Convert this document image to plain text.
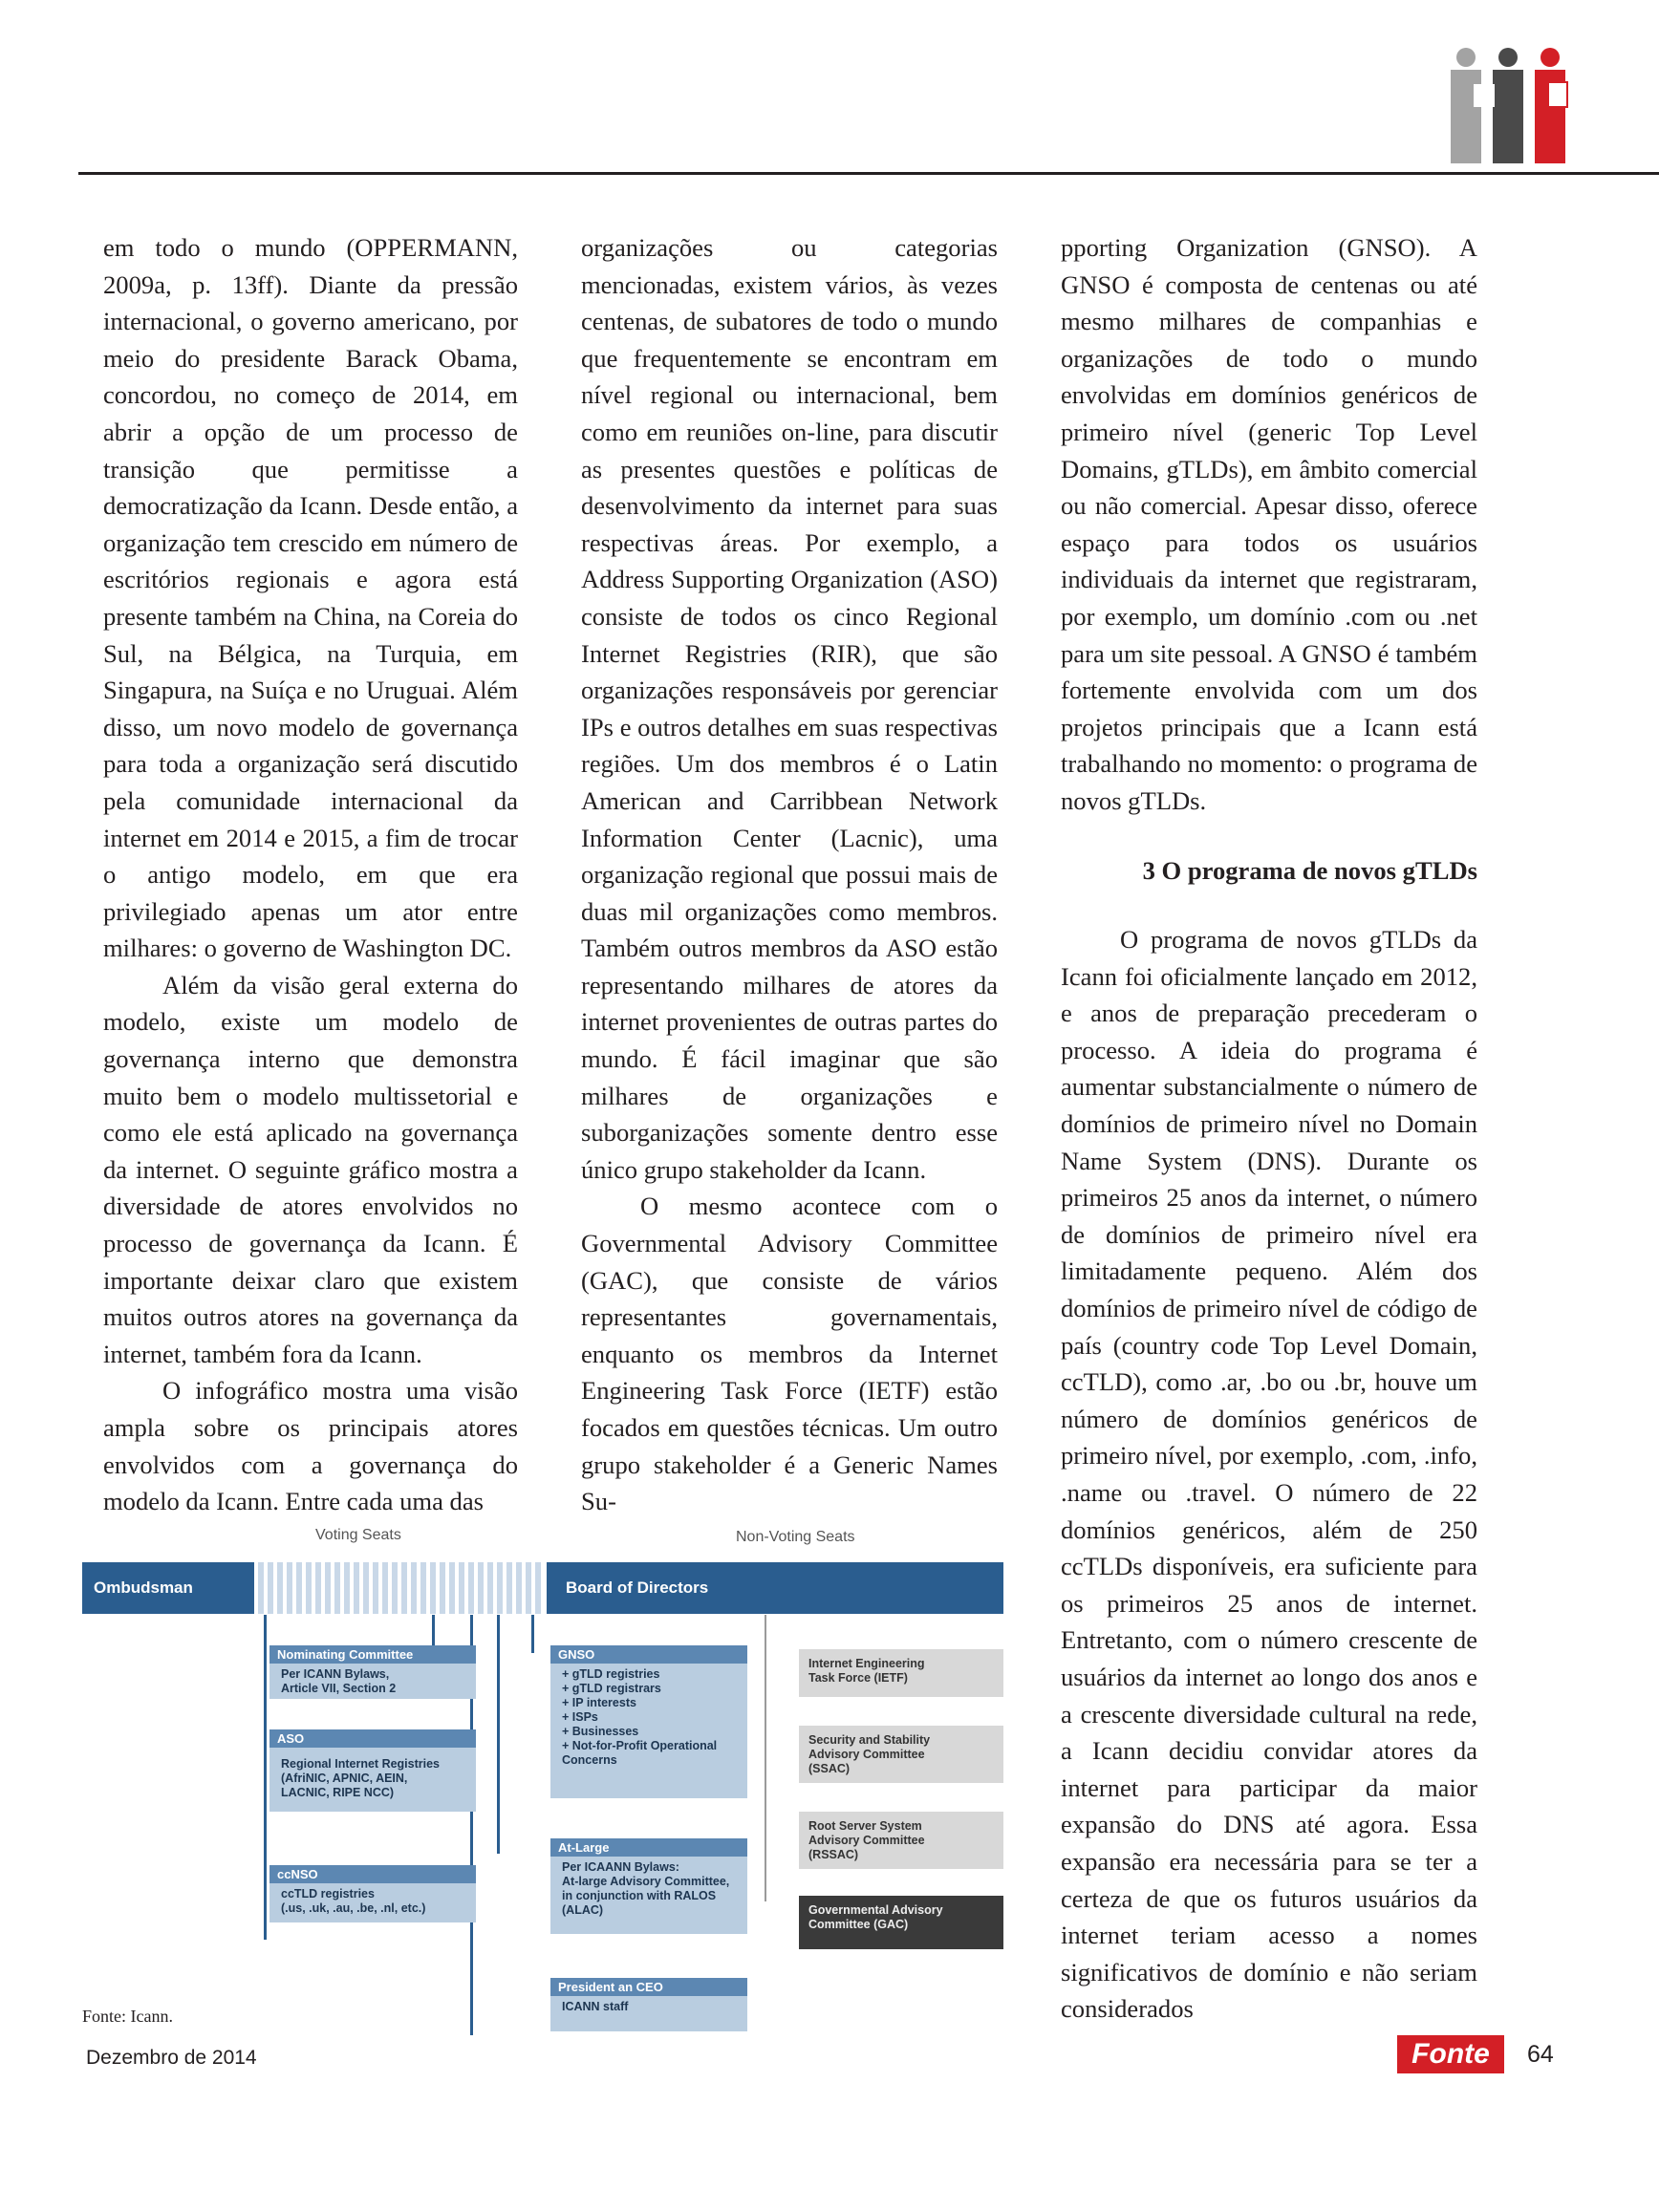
em todo o mundo (OPPERMANN, 2009a, p. 13ff). Diante da pressão internacional, o governo americano, por meio do presidente Barack Obama, concordou, no começo de 2014, em abrir a opção de um processo de transição que permitisse a democratização da Icann. Desde então, a organização tem crescido em número de escritórios regionais e agora está presente também na China, na Coreia do Sul, na Bélgica, na Turquia, em Singapura, na Suíça e no Uruguai. Além disso, um novo modelo de governança para toda a organização será discutido pela comunidade internacional da internet em 2014 e 2015, a fim de trocar o antigo modelo, em que era privilegiado apenas um ator entre milhares: o governo de Washington DC.

Além da visão geral externa do modelo, existe um modelo de governança interno que demonstra muito bem o modelo multissetorial e como ele está aplicado na governança da internet. O seguinte gráfico mostra a diversidade de atores envolvidos no processo de governança da Icann. É importante deixar claro que existem muitos outros atores na governança da internet, também fora da Icann.

O infográfico mostra uma visão ampla sobre os principais atores envolvidos com a governança do modelo da Icann. Entre cada uma das

organizações ou categorias mencionadas, existem vários, às vezes centenas, de subatores de todo o mundo que frequentemente se encontram em nível regional ou internacional, bem como em reuniões on-line, para discutir as presentes questões e políticas de desenvolvimento da internet para suas respectivas áreas. Por exemplo, a Address Supporting Organization (ASO) consiste de todos os cinco Regional Internet Registries (RIR), que são organizações responsáveis por gerenciar IPs e outros detalhes em suas respectivas regiões. Um dos membros é o Latin American and Carribbean Network Information Center (Lacnic), uma organização regional que possui mais de duas mil organizações como membros. Também outros membros da ASO estão representando milhares de atores da internet provenientes de outras partes do mundo. É fácil imaginar que são milhares de organizações e suborganizações somente dentro esse único grupo stakeholder da Icann.

O mesmo acontece com o Governmental Advisory Committee (GAC), que consiste de vários representantes governamentais, enquanto os membros da Internet Engineering Task Force (IETF) estão focados em questões técnicas. Um outro grupo stakeholder é a Generic Names Su-

pporting Organization (GNSO). A GNSO é composta de centenas ou até mesmo milhares de companhias e organizações de todo o mundo envolvidas em domínios genéricos de primeiro nível (generic Top Level Domains, gTLDs), em âmbito comercial ou não comercial. Apesar disso, oferece espaço para todos os usuários individuais da internet que registraram, por exemplo, um domínio .com ou .net para um site pessoal. A GNSO é também fortemente envolvida com um dos projetos principais que a Icann está trabalhando no momento: o programa de novos gTLDs.

3 O programa de novos gTLDs

O programa de novos gTLDs da Icann foi oficialmente lançado em 2012, e anos de preparação precederam o processo. A ideia do programa é aumentar substancialmente o número de domínios de primeiro nível no Domain Name System (DNS). Durante os primeiros 25 anos da internet, o número de domínios de primeiro nível era limitadamente pequeno. Além dos domínios de primeiro nível de código de país (country code Top Level Domain, ccTLD), como .ar, .bo ou .br, houve um número de domínios genéricos de primeiro nível, por exemplo, .com, .info, .name ou .travel. O número de 22 domínios genéricos, além de 250 ccTLDs disponíveis, era suficiente para os primeiros 25 anos de internet. Entretanto, com o número crescente de usuários da internet ao longo dos anos e a crescente diversidade cultural na rede, a Icann decidiu convidar atores da internet para participar da maior expansão do DNS até agora. Essa expansão era necessária para se ter a certeza de que os futuros usuários da internet teriam acesso a nomes significativos de domínio e não seriam considerados

Voting Seats	Non-Voting Seats
Ombudsman	Board of Directors
Nominating Committee
Per ICANN Bylaws,
Article VII, Section 2
ASO
Regional Internet Registries
(AfriNIC, APNIC, AEIN,
LACNIC, RIPE NCC)
ccNSO
ccTLD registries
(.us, .uk, .au, .be, .nl, etc.)
GNSO
+ gTLD registries
+ gTLD registrars
+ IP interests
+ ISPs
+ Businesses
+ Not-for-Profit Operational
Concerns
At-Large
Per ICAANN Bylaws:
At-large Advisory Committee,
in conjunction with RALOS
(ALAC)
President an CEO
ICANN staff
Internet Engineering
Task Force (IETF)
Security and Stability
Advisory Committee
(SSAC)
Root Server System
Advisory Committee
(RSSAC)
Governmental Advisory
Committee (GAC)
Fonte: Icann.
Dezembro de 2014	Fonte	64
